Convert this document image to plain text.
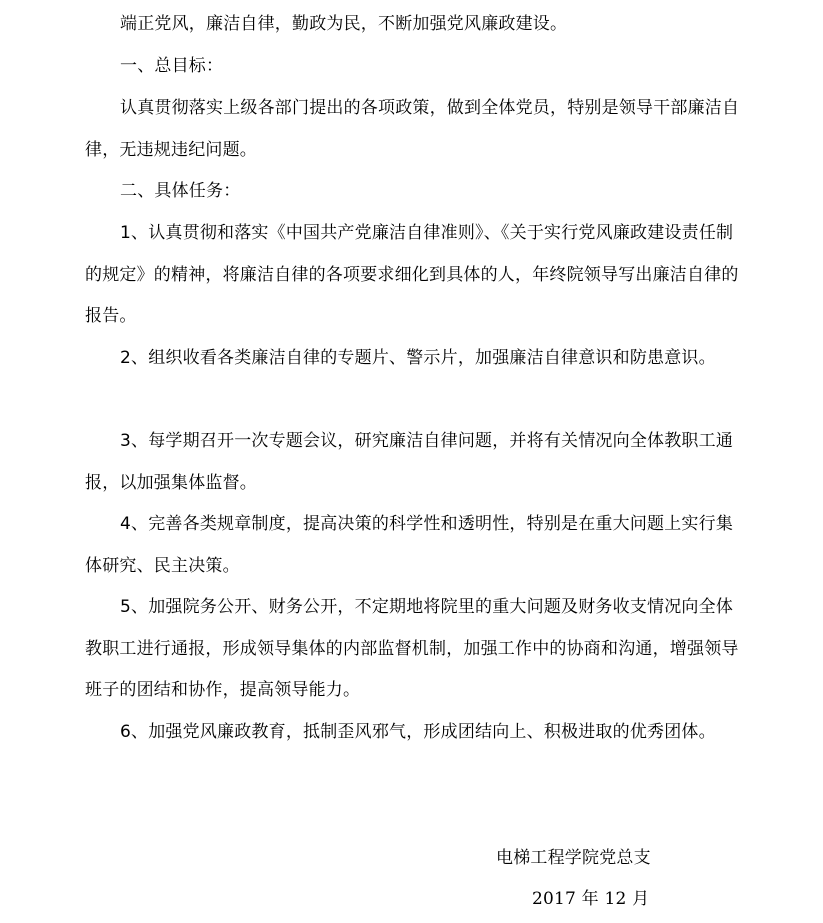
端正党风，廉洁自律，勤政为民，不断加强党风廉政建设。

一、总目标：

认真贯彻落实上级各部门提出的各项政策，做到全体党员，特别是领导干部廉洁自律，无违规违纪问题。

二、具体任务：

1、认真贯彻和落实《中国共产党廉洁自律准则》、《关于实行党风廉政建设责任制的规定》的精神，将廉洁自律的各项要求细化到具体的人，年终院领导写出廉洁自律的报告。

2、组织收看各类廉洁自律的专题片、警示片，加强廉洁自律意识和防患意识。

3、每学期召开一次专题会议，研究廉洁自律问题，并将有关情况向全体教职工通报，以加强集体监督。

4、完善各类规章制度，提高决策的科学性和透明性，特别是在重大问题上实行集体研究、民主决策。

5、加强院务公开、财务公开，不定期地将院里的重大问题及财务收支情况向全体教职工进行通报，形成领导集体的内部监督机制，加强工作中的协商和沟通，增强领导班子的团结和协作，提高领导能力。

6、加强党风廉政教育，抵制歪风邪气，形成团结向上、积极进取的优秀团体。

电梯工程学院党总支

2017 年 12 月
